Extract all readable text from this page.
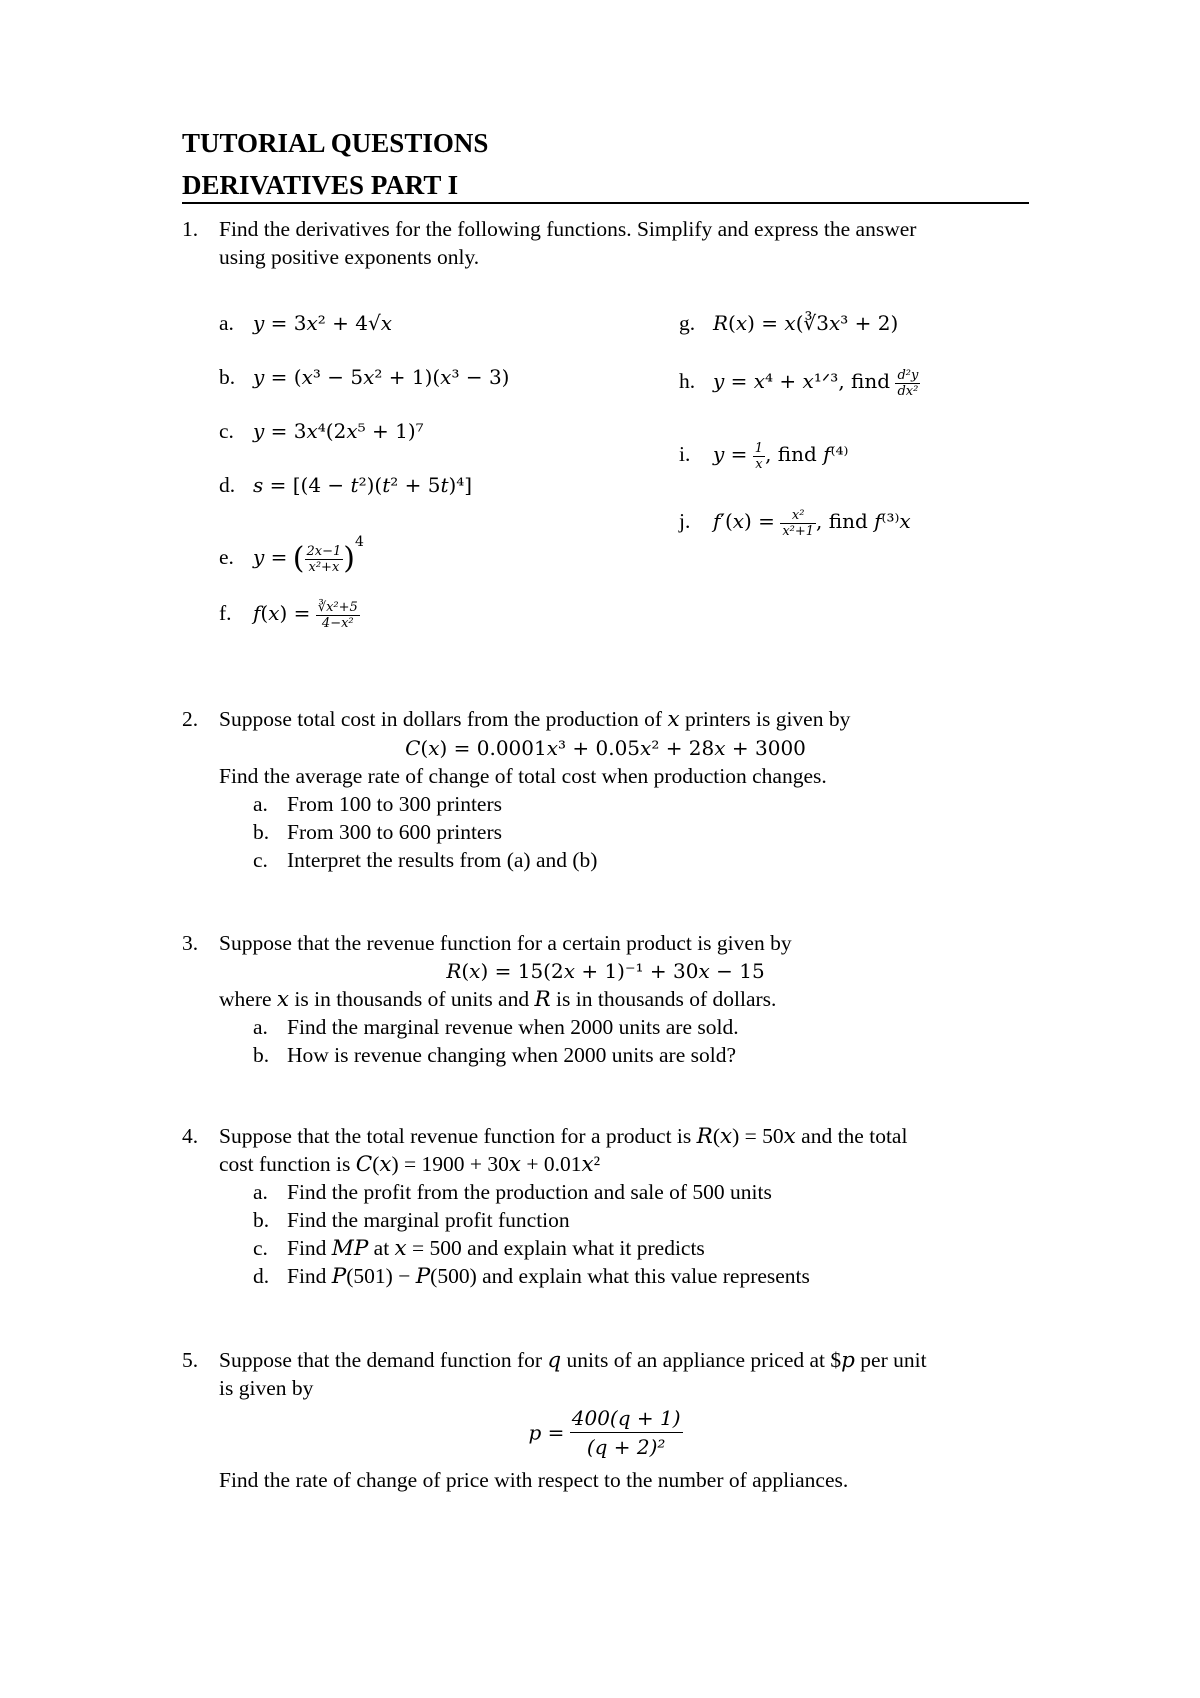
TUTORIAL QUESTIONS
DERIVATIVES PART I
1. Find the derivatives for the following functions. Simplify and express the answer
using positive exponents only.
a. 𝑦 = 3𝑥² + 4√𝑥
b. 𝑦 = (𝑥³ − 5𝑥² + 1)(𝑥³ − 3)
c. 𝑦 = 3𝑥⁴(2𝑥⁵ + 1)⁷
d. 𝑠 = [(4 − 𝑡²)(𝑡² + 5𝑡)⁴]
e. 𝑦 = ( $\frac{\text{2𝑥−1}}{\text{𝑥²+𝑥}} )^4$
f. 𝑓(𝑥) = $\frac{\text{∛𝑥²+5}}{\text{4−𝑥²}}$
g. 𝑅(𝑥) = 𝑥(∛3𝑥³ + 2)
h. 𝑦 = 𝑥⁴ + 𝑥¹ᐟ³, find $\frac{\text{𝑑²𝑦}}{\text{𝑑𝑥²}}$
i. 𝑦 = $\frac{1}{\text{𝑥}}$ , find 𝑓⁽⁴⁾
j. 𝑓′(𝑥) = $\frac{\text{𝑥²}}{\text{𝑥²+1}}$ , find 𝑓⁽³⁾𝑥
2. Suppose total cost in dollars from the production of 𝑥 printers is given by
𝐶(𝑥) = 0.0001𝑥³ + 0.05𝑥² + 28𝑥 + 3000
Find the average rate of change of total cost when production changes.
a. From 100 to 300 printers
b. From 300 to 600 printers
c. Interpret the results from (a) and (b)
3. Suppose that the revenue function for a certain product is given by
𝑅(𝑥) = 15(2𝑥 + 1)⁻¹ + 30𝑥 − 15
where 𝑥 is in thousands of units and 𝑅 is in thousands of dollars.
a. Find the marginal revenue when 2000 units are sold.
b. How is revenue changing when 2000 units are sold?
4. Suppose that the total revenue function for a product is 𝑅(𝑥) = 50𝑥 and the total
cost function is 𝐶(𝑥) = 1900 + 30𝑥 + 0.01𝑥²
a. Find the profit from the production and sale of 500 units
b. Find the marginal profit function
c. Find 𝑀𝑃 at 𝑥 = 500 and explain what it predicts
d. Find 𝑃(501) − 𝑃(500) and explain what this value represents
5. Suppose that the demand function for 𝑞 units of an appliance priced at $𝑝 per unit
is given by
𝑝 = $\frac{\text{400(𝑞 + 1)}}{\text{(𝑞 + 2)²}}$
Find the rate of change of price with respect to the number of appliances.
